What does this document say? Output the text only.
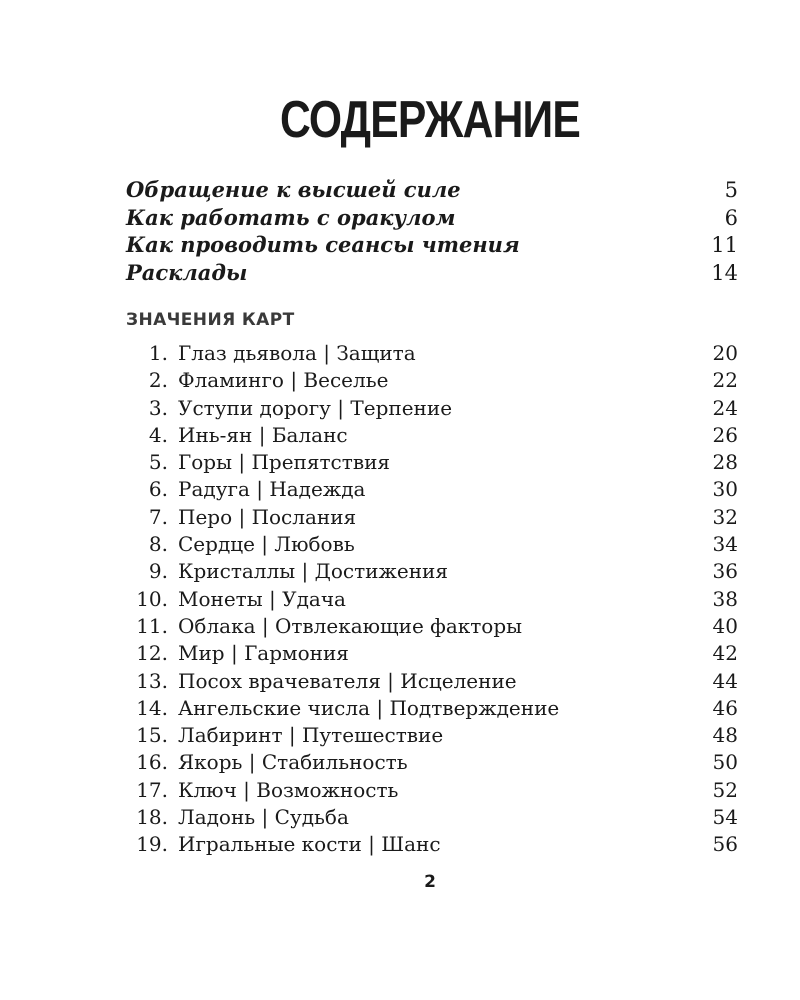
СОДЕРЖАНИЕ
Обращение к высшей силе	5
Как работать с оракулом	6
Как проводить сеансы чтения	11
Расклады	14
ЗНАЧЕНИЯ КАРТ
1. Глаз дьявола | Защита	20
2. Фламинго | Веселье	22
3. Уступи дорогу | Терпение	24
4. Инь-ян | Баланс	26
5. Горы | Препятствия	28
6. Радуга | Надежда	30
7. Перо | Послания	32
8. Сердце | Любовь	34
9. Кристаллы | Достижения	36
10. Монеты | Удача	38
11. Облака | Отвлекающие факторы	40
12. Мир | Гармония	42
13. Посох врачевателя | Исцеление	44
14. Ангельские числа | Подтверждение	46
15. Лабиринт | Путешествие	48
16. Якорь | Стабильность	50
17. Ключ | Возможность	52
18. Ладонь | Судьба	54
19. Игральные кости | Шанс	56
2
